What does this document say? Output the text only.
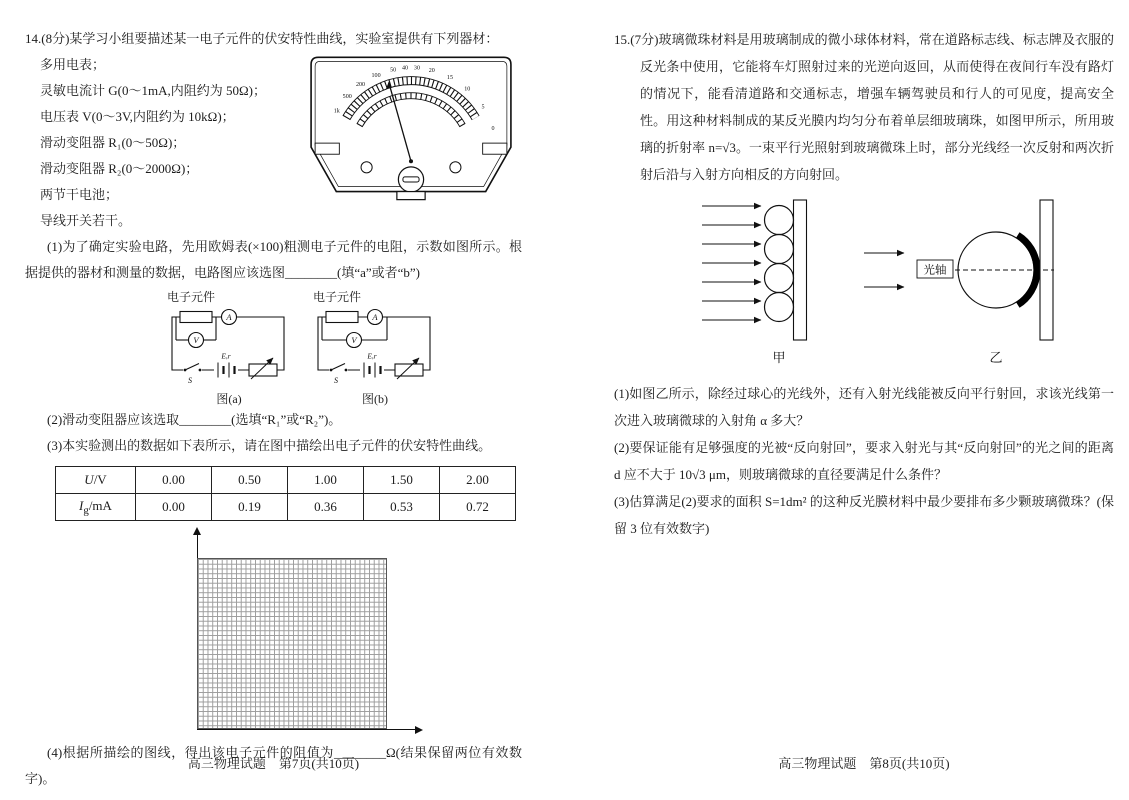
14.(8分)某学习小组要描述某一电子元件的伏安特性曲线，实验室提供有下列器材：

多用电表；

灵敏电流计 G(0～1mA,内阻约为 50Ω)；

电压表 V(0～3V,内阻约为 10kΩ)；

滑动变阻器 R₁(0～50Ω)；

滑动变阻器 R₂(0～2000Ω)；

两节干电池；

导线开关若干。

1k
500
200
100
50 40 30 20
15
10
5
0

(1)为了确定实验电路，先用欧姆表(×100)粗测电子元件的电阻，示数如图所示。根据提供的器材和测量的数据，电路图应该选图________(填“a”或者“b”)

电子元件

A
V
S
E,r

图(a)

电子元件

A
V
S
E,r

图(b)

(2)滑动变阻器应该选取________(选填“R₁”或“R₂”)。

(3)本实验测出的数据如下表所示，请在图中描绘出电子元件的伏安特性曲线。

U/V	0.00	0.50	1.00	1.50	2.00
$I_g/mA$	0.00	0.19	0.36	0.53	0.72

(4)根据所描绘的图线，得出该电子元件的阻值为________Ω(结果保留两位有效数字)。

高三物理试题　第7页(共10页)

15.(7分)玻璃微珠材料是用玻璃制成的微小球体材料，常在道路标志线、标志牌及衣服的反光条中使用，它能将车灯照射过来的光逆向返回，从而使得在夜间行车没有路灯的情况下，能看清道路和交通标志，增强车辆驾驶员和行人的可见度，提高安全性。用这种材料制成的某反光膜内均匀分布着单层细玻璃珠，如图甲所示，所用玻璃的折射率 n=√3。一束平行光照射到玻璃微珠上时，部分光线经一次反射和两次折射后沿与入射方向相反的方向射回。

甲
光轴
乙

(1)如图乙所示，除经过球心的光线外，还有入射光线能被反向平行射回，求该光线第一次进入玻璃微球的入射角 α 多大？

(2)要保证能有足够强度的光被“反向射回”，要求入射光与其“反向射回”的光之间的距离 d 应不大于 10√3 μm，则玻璃微球的直径要满足什么条件？

(3)估算满足(2)要求的面积 S=1dm² 的这种反光膜材料中最少要排布多少颗玻璃微珠？(保留 3 位有效数字)

高三物理试题　第8页(共10页)
